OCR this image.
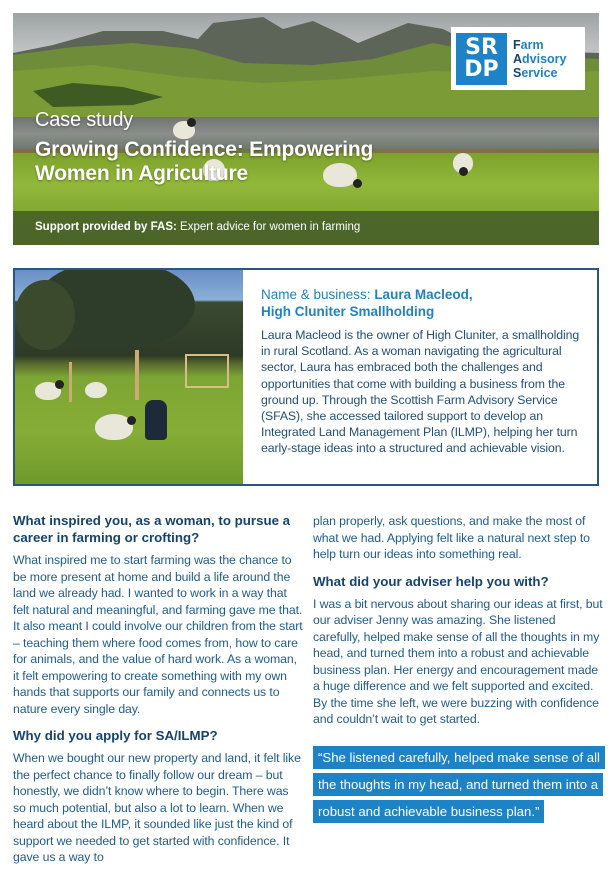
Case study
Growing Confidence: Empowering
Women in Agriculture
Support provided by FAS: Expert advice for women in farming
SR
DP
Farm
Advisory
Service
Name & business: Laura Macleod,
High Cluniter Smallholding

Laura Macleod is the owner of High Cluniter, a smallholding in rural Scotland. As a woman navigating the agricultural sector, Laura has embraced both the challenges and opportunities that come with building a business from the ground up. Through the Scottish Farm Advisory Service (SFAS), she accessed tailored support to develop an Integrated Land Management Plan (ILMP), helping her turn early-stage ideas into a structured and achievable vision.

What inspired you, as a woman, to pursue a career in farming or crofting?

What inspired me to start farming was the chance to be more present at home and build a life around the land we already had. I wanted to work in a way that felt natural and meaningful, and farming gave me that. It also meant I could involve our children from the start – teaching them where food comes from, how to care for animals, and the value of hard work. As a woman, it felt empowering to create something with my own hands that supports our family and connects us to nature every single day.

Why did you apply for SA/ILMP?

When we bought our new property and land, it felt like the perfect chance to finally follow our dream – but honestly, we didn’t know where to begin. There was so much potential, but also a lot to learn. When we heard about the ILMP, it sounded like just the kind of support we needed to get started with confidence. It gave us a way to

plan properly, ask questions, and make the most of what we had. Applying felt like a natural next step to help turn our ideas into something real.

What did your adviser help you with?

I was a bit nervous about sharing our ideas at first, but our adviser Jenny was amazing. She listened carefully, helped make sense of all the thoughts in my head, and turned them into a robust and achievable business plan. Her energy and encouragement made a huge difference and we felt supported and excited. By the time she left, we were buzzing with confidence and couldn’t wait to get started.

“She listened carefully, helped make sense of all the thoughts in my head, and turned them into a robust and achievable business plan.”
